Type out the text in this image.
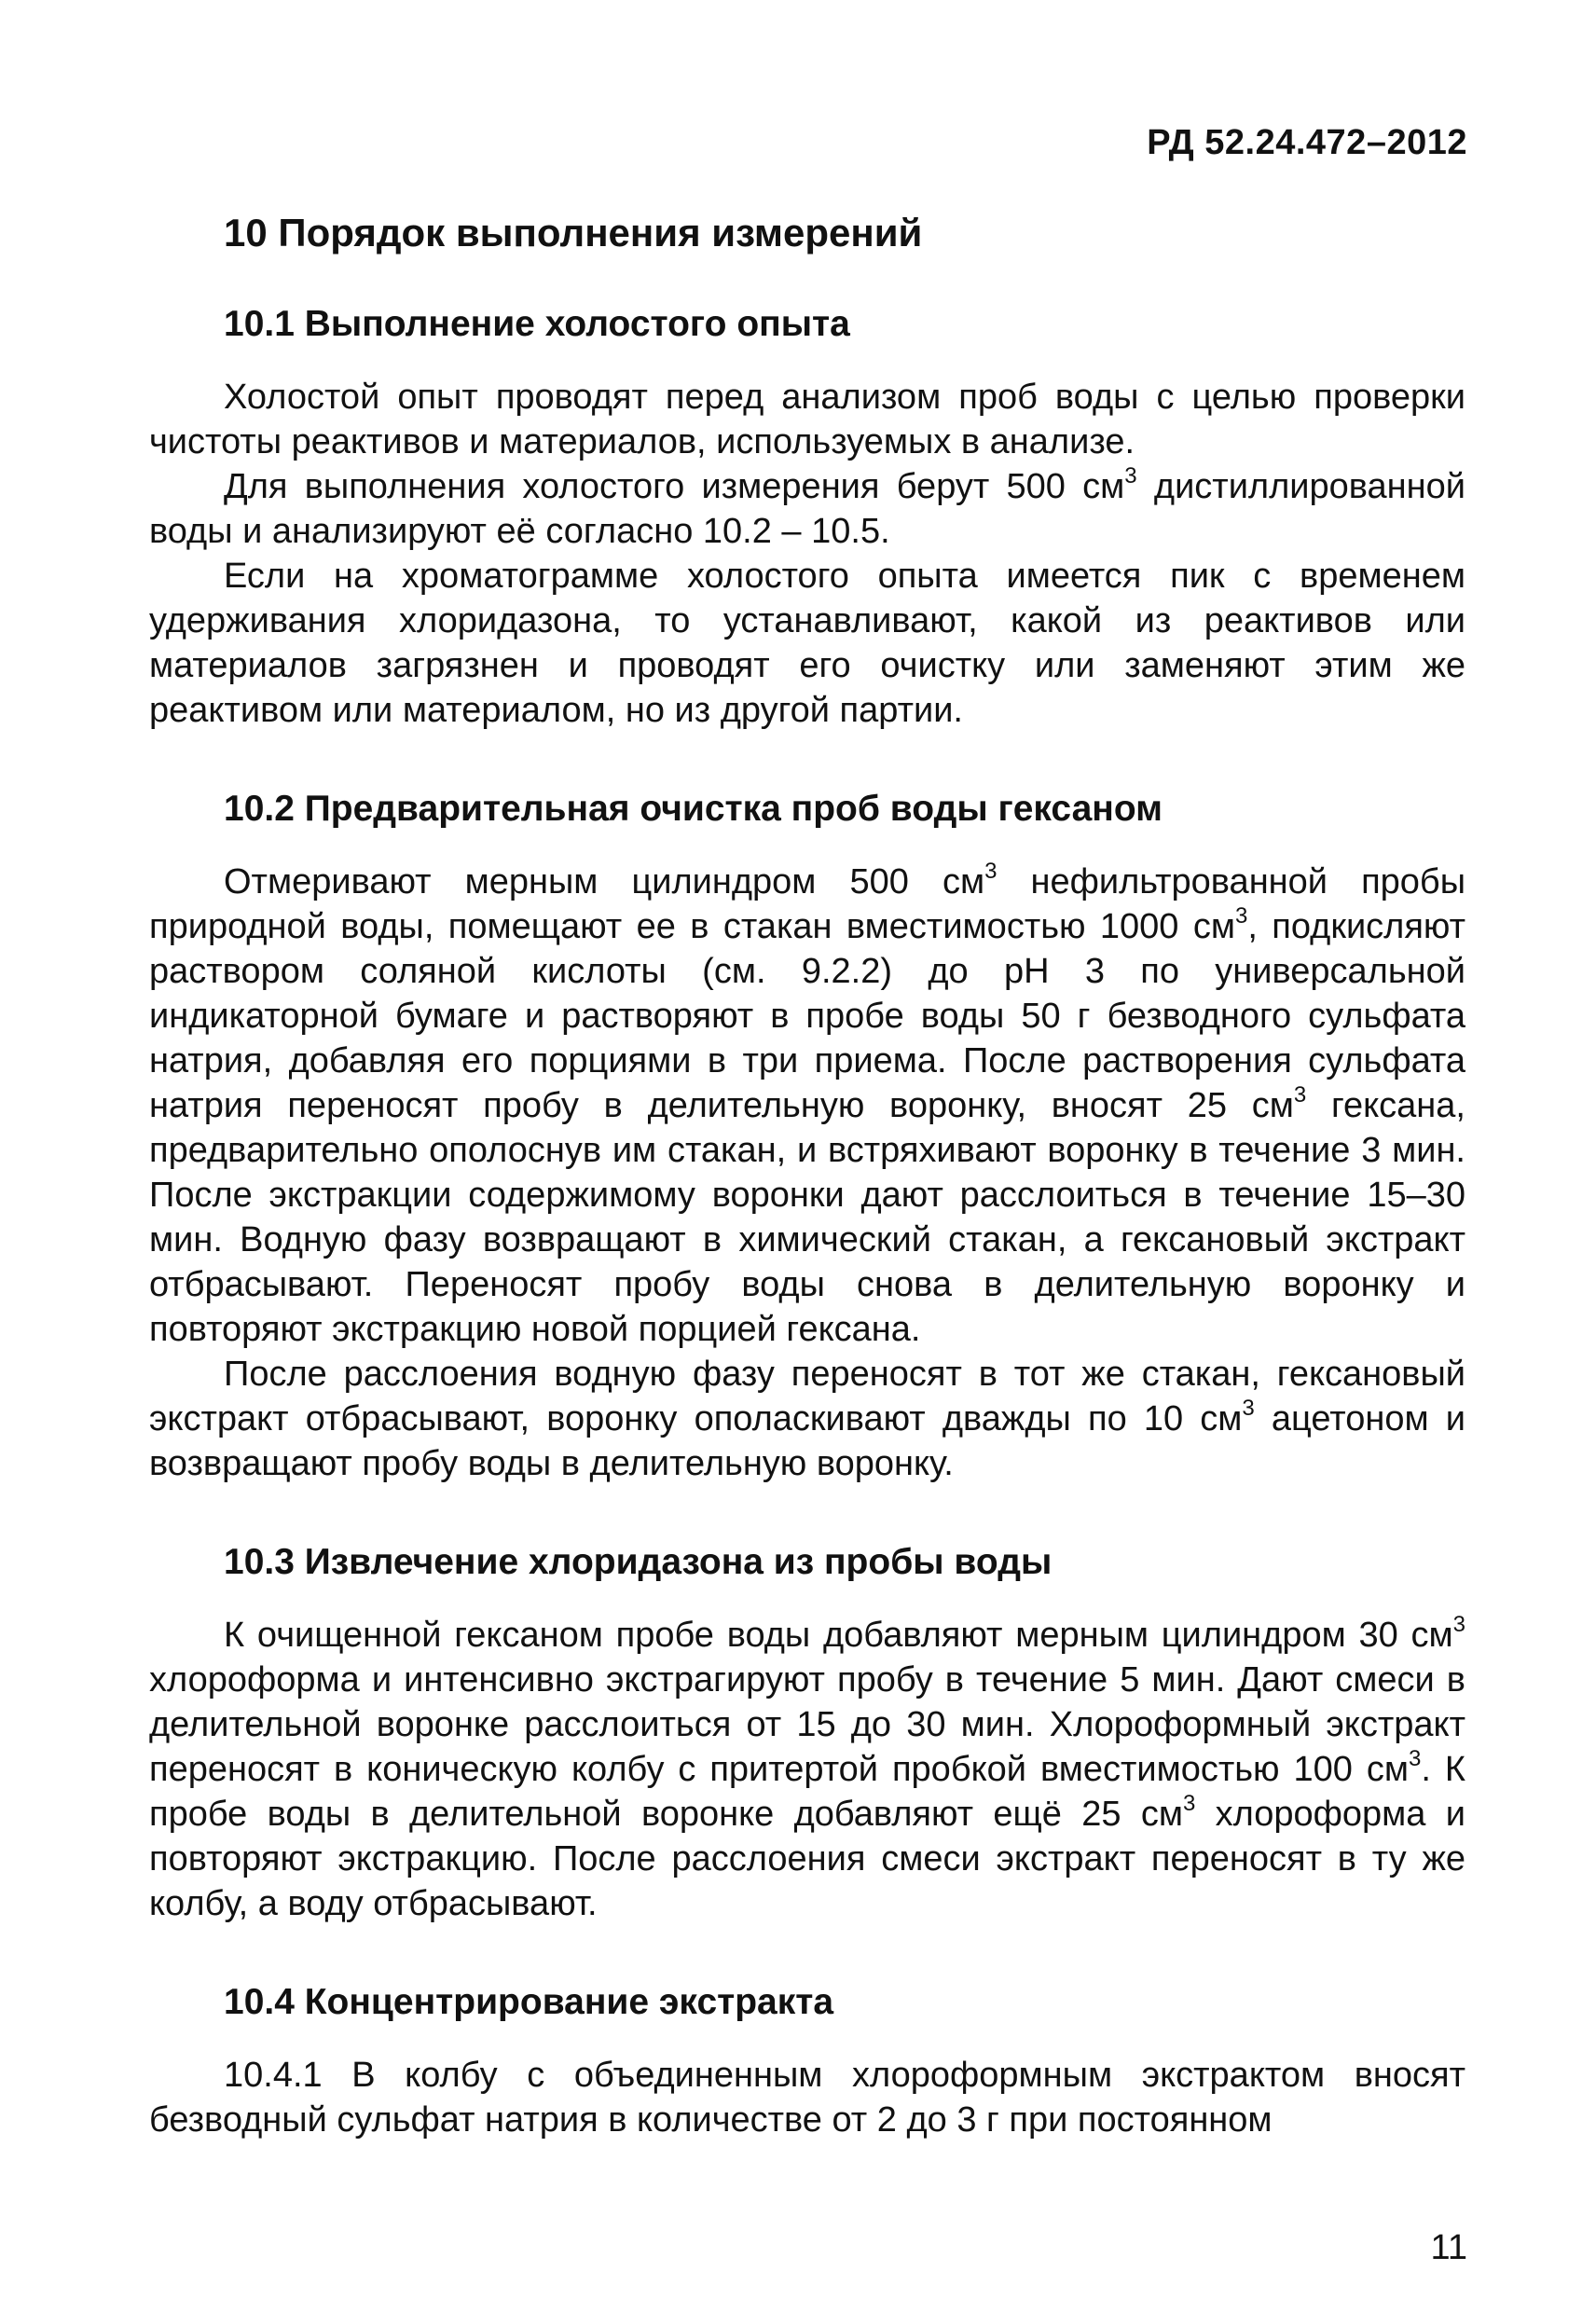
РД 52.24.472–2012
10 Порядок выполнения измерений
10.1 Выполнение холостого опыта

Холостой опыт проводят перед анализом проб воды с целью проверки чистоты реактивов и материалов, используемых в анализе.

Для выполнения холостого измерения берут 500 $см^3$ дистиллированной воды и анализируют её согласно 10.2 – 10.5.

Если на хроматограмме холостого опыта имеется пик с временем удерживания хлоридазона, то устанавливают, какой из реактивов или материалов загрязнен и проводят его очистку или заменяют этим же реактивом или материалом, но из другой партии.

10.2 Предварительная очистка проб воды гексаном

Отмеривают мерным цилиндром 500 $см^3$ нефильтрованной пробы природной воды, помещают ее в стакан вместимостью 1000 $см^3$, подкисляют раствором соляной кислоты (см. 9.2.2) до рН 3 по универсальной индикаторной бумаге и растворяют в пробе воды 50 г безводного сульфата натрия, добавляя его порциями в три приема. После растворения сульфата натрия переносят пробу в делительную воронку, вносят 25 $см^3$ гексана, предварительно ополоснув им стакан, и встряхивают воронку в течение 3 мин. После экстракции содержимому воронки дают расслоиться в течение 15–30 мин. Водную фазу возвращают в химический стакан, а гексановый экстракт отбрасывают. Переносят пробу воды снова в делительную воронку и повторяют экстракцию новой порцией гексана.

После расслоения водную фазу переносят в тот же стакан, гексановый экстракт отбрасывают, воронку ополаскивают дважды по 10 $см^3$ ацетоном и возвращают пробу воды в делительную воронку.

10.3 Извлечение хлоридазона из пробы воды

К очищенной гексаном пробе воды добавляют мерным цилиндром 30 $см^3$ хлороформа и интенсивно экстрагируют пробу в течение 5 мин. Дают смеси в делительной воронке расслоиться от 15 до 30 мин. Хлороформный экстракт переносят в коническую колбу с притертой пробкой вместимостью 100 $см^3$. К пробе воды в делительной воронке добавляют ещё 25 $см^3$ хлороформа и повторяют экстракцию. После расслоения смеси экстракт переносят в ту же колбу, а воду отбрасывают.

10.4 Концентрирование экстракта

10.4.1 В колбу с объединенным хлороформным экстрактом вносят безводный сульфат натрия в количестве от 2 до 3 г при постоянном

11
